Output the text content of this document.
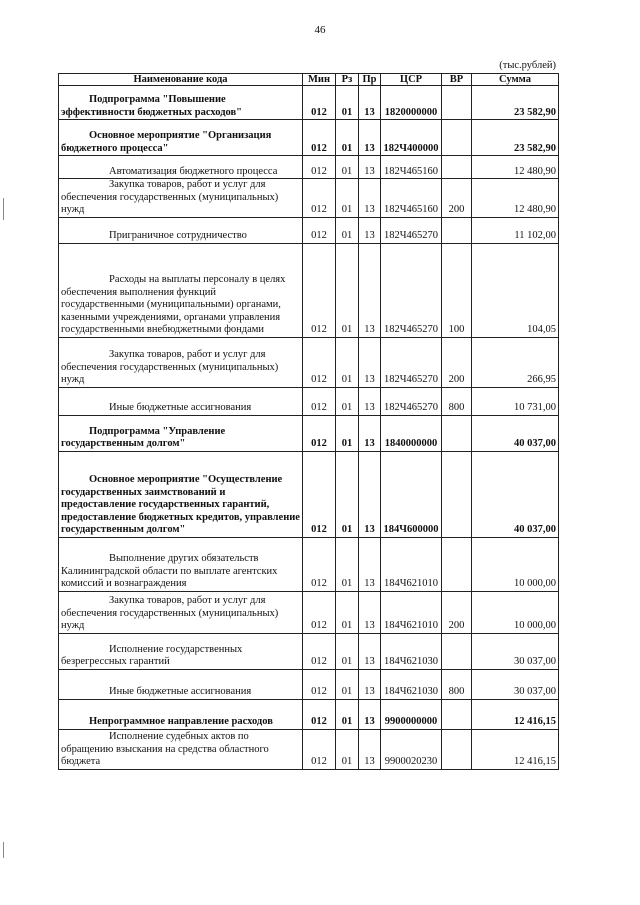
46
(тыс.рублей)
Наименование кода	Мин	Рз	Пр	ЦСР	ВР	Сумма

Подпрограмма "Повышение эффективности бюджетных расходов"	012	01	13	1820000000		23 582,90

Основное мероприятие "Организация бюджетного процесса"	012	01	13	182Ч400000		23 582,90

Автоматизация бюджетного процесса	012	01	13	182Ч465160		12 480,90

Закупка товаров, работ и услуг для обеспечения государственных (муниципальных) нужд	012	01	13	182Ч465160	200	12 480,90

Приграничное сотрудничество	012	01	13	182Ч465270		11 102,00

Расходы на выплаты персоналу в целях обеспечения выполнения функций государственными (муниципальными) органами, казенными учреждениями, органами управления государственными внебюджетными фондами	012	01	13	182Ч465270	100	104,05

Закупка товаров, работ и услуг для обеспечения государственных (муниципальных) нужд	012	01	13	182Ч465270	200	266,95

Иные бюджетные ассигнования	012	01	13	182Ч465270	800	10 731,00

Подпрограмма "Управление государственным долгом"	012	01	13	1840000000		40 037,00

Основное мероприятие "Осуществление государственных заимствований и предоставление государственных гарантий, предоставление бюджетных кредитов, управление государственным долгом"	012	01	13	184Ч600000		40 037,00

Выполнение других обязательств Калининградской области по выплате агентских комиссий и вознаграждения	012	01	13	184Ч621010		10 000,00

Закупка товаров, работ и услуг для обеспечения государственных (муниципальных) нужд	012	01	13	184Ч621010	200	10 000,00

Исполнение государственных безрегрессных гарантий	012	01	13	184Ч621030		30 037,00

Иные бюджетные ассигнования	012	01	13	184Ч621030	800	30 037,00

Непрограммное направление расходов	012	01	13	9900000000		12 416,15

Исполнение судебных актов по обращению взыскания на средства областного бюджета	012	01	13	9900020230		12 416,15
